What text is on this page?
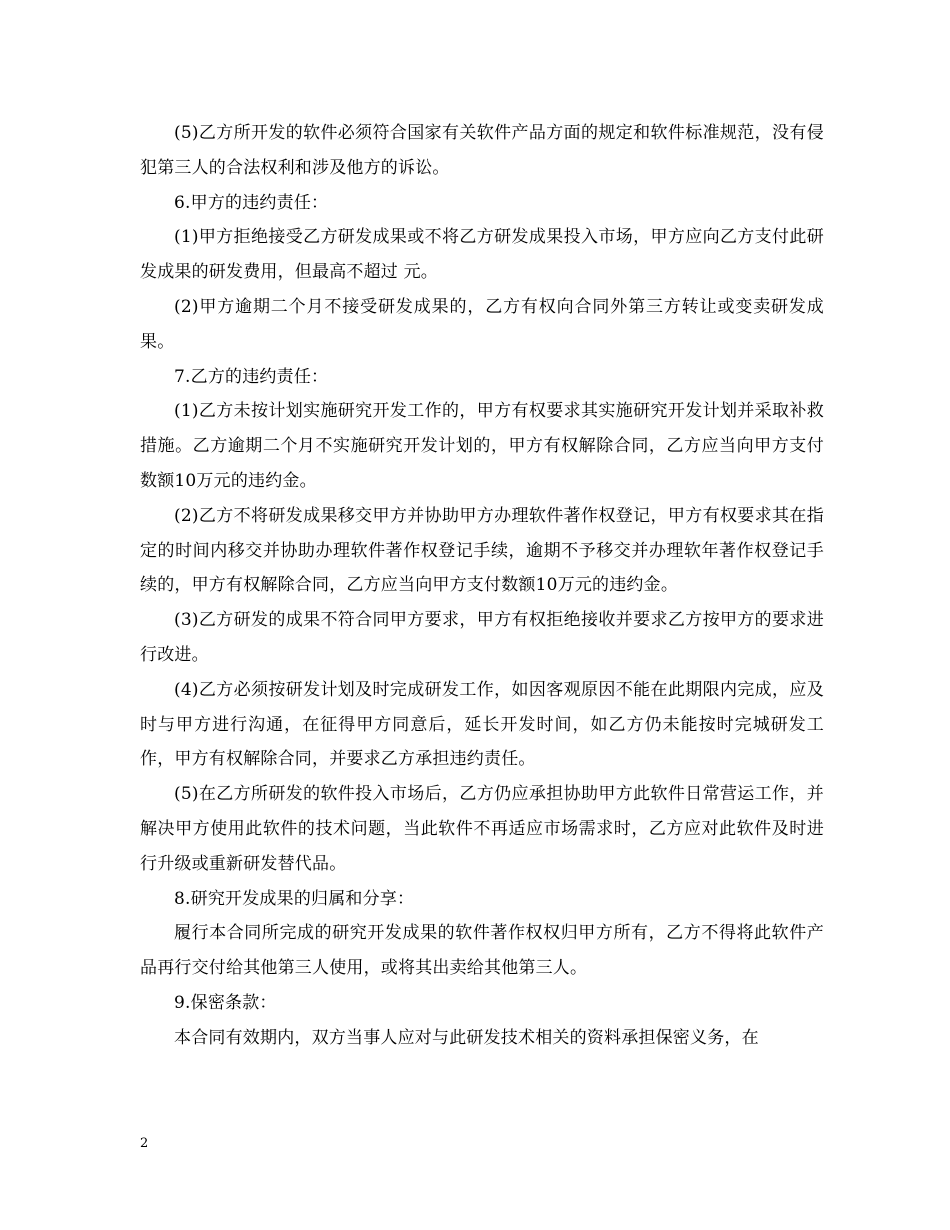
(5)乙方所开发的软件必须符合国家有关软件产品方面的规定和软件标准规范，没有侵犯第三人的合法权利和涉及他方的诉讼。

6.甲方的违约责任：

(1)甲方拒绝接受乙方研发成果或不将乙方研发成果投入市场，甲方应向乙方支付此研发成果的研发费用，但最高不超过 元。

(2)甲方逾期二个月不接受研发成果的，乙方有权向合同外第三方转让或变卖研发成果。

7.乙方的违约责任：

(1)乙方未按计划实施研究开发工作的，甲方有权要求其实施研究开发计划并采取补救措施。乙方逾期二个月不实施研究开发计划的，甲方有权解除合同，乙方应当向甲方支付数额10万元的违约金。

(2)乙方不将研发成果移交甲方并协助甲方办理软件著作权登记，甲方有权要求其在指定的时间内移交并协助办理软件著作权登记手续，逾期不予移交并办理软年著作权登记手续的，甲方有权解除合同，乙方应当向甲方支付数额10万元的违约金。

(3)乙方研发的成果不符合同甲方要求，甲方有权拒绝接收并要求乙方按甲方的要求进行改进。

(4)乙方必须按研发计划及时完成研发工作，如因客观原因不能在此期限内完成，应及时与甲方进行沟通，在征得甲方同意后，延长开发时间，如乙方仍未能按时完城研发工作，甲方有权解除合同，并要求乙方承担违约责任。

(5)在乙方所研发的软件投入市场后，乙方仍应承担协助甲方此软件日常营运工作，并解决甲方使用此软件的技术问题，当此软件不再适应市场需求时，乙方应对此软件及时进行升级或重新研发替代品。

8.研究开发成果的归属和分享：

履行本合同所完成的研究开发成果的软件著作权权归甲方所有，乙方不得将此软件产品再行交付给其他第三人使用，或将其出卖给其他第三人。

9.保密条款：

本合同有效期内，双方当事人应对与此研发技术相关的资料承担保密义务，在

2
